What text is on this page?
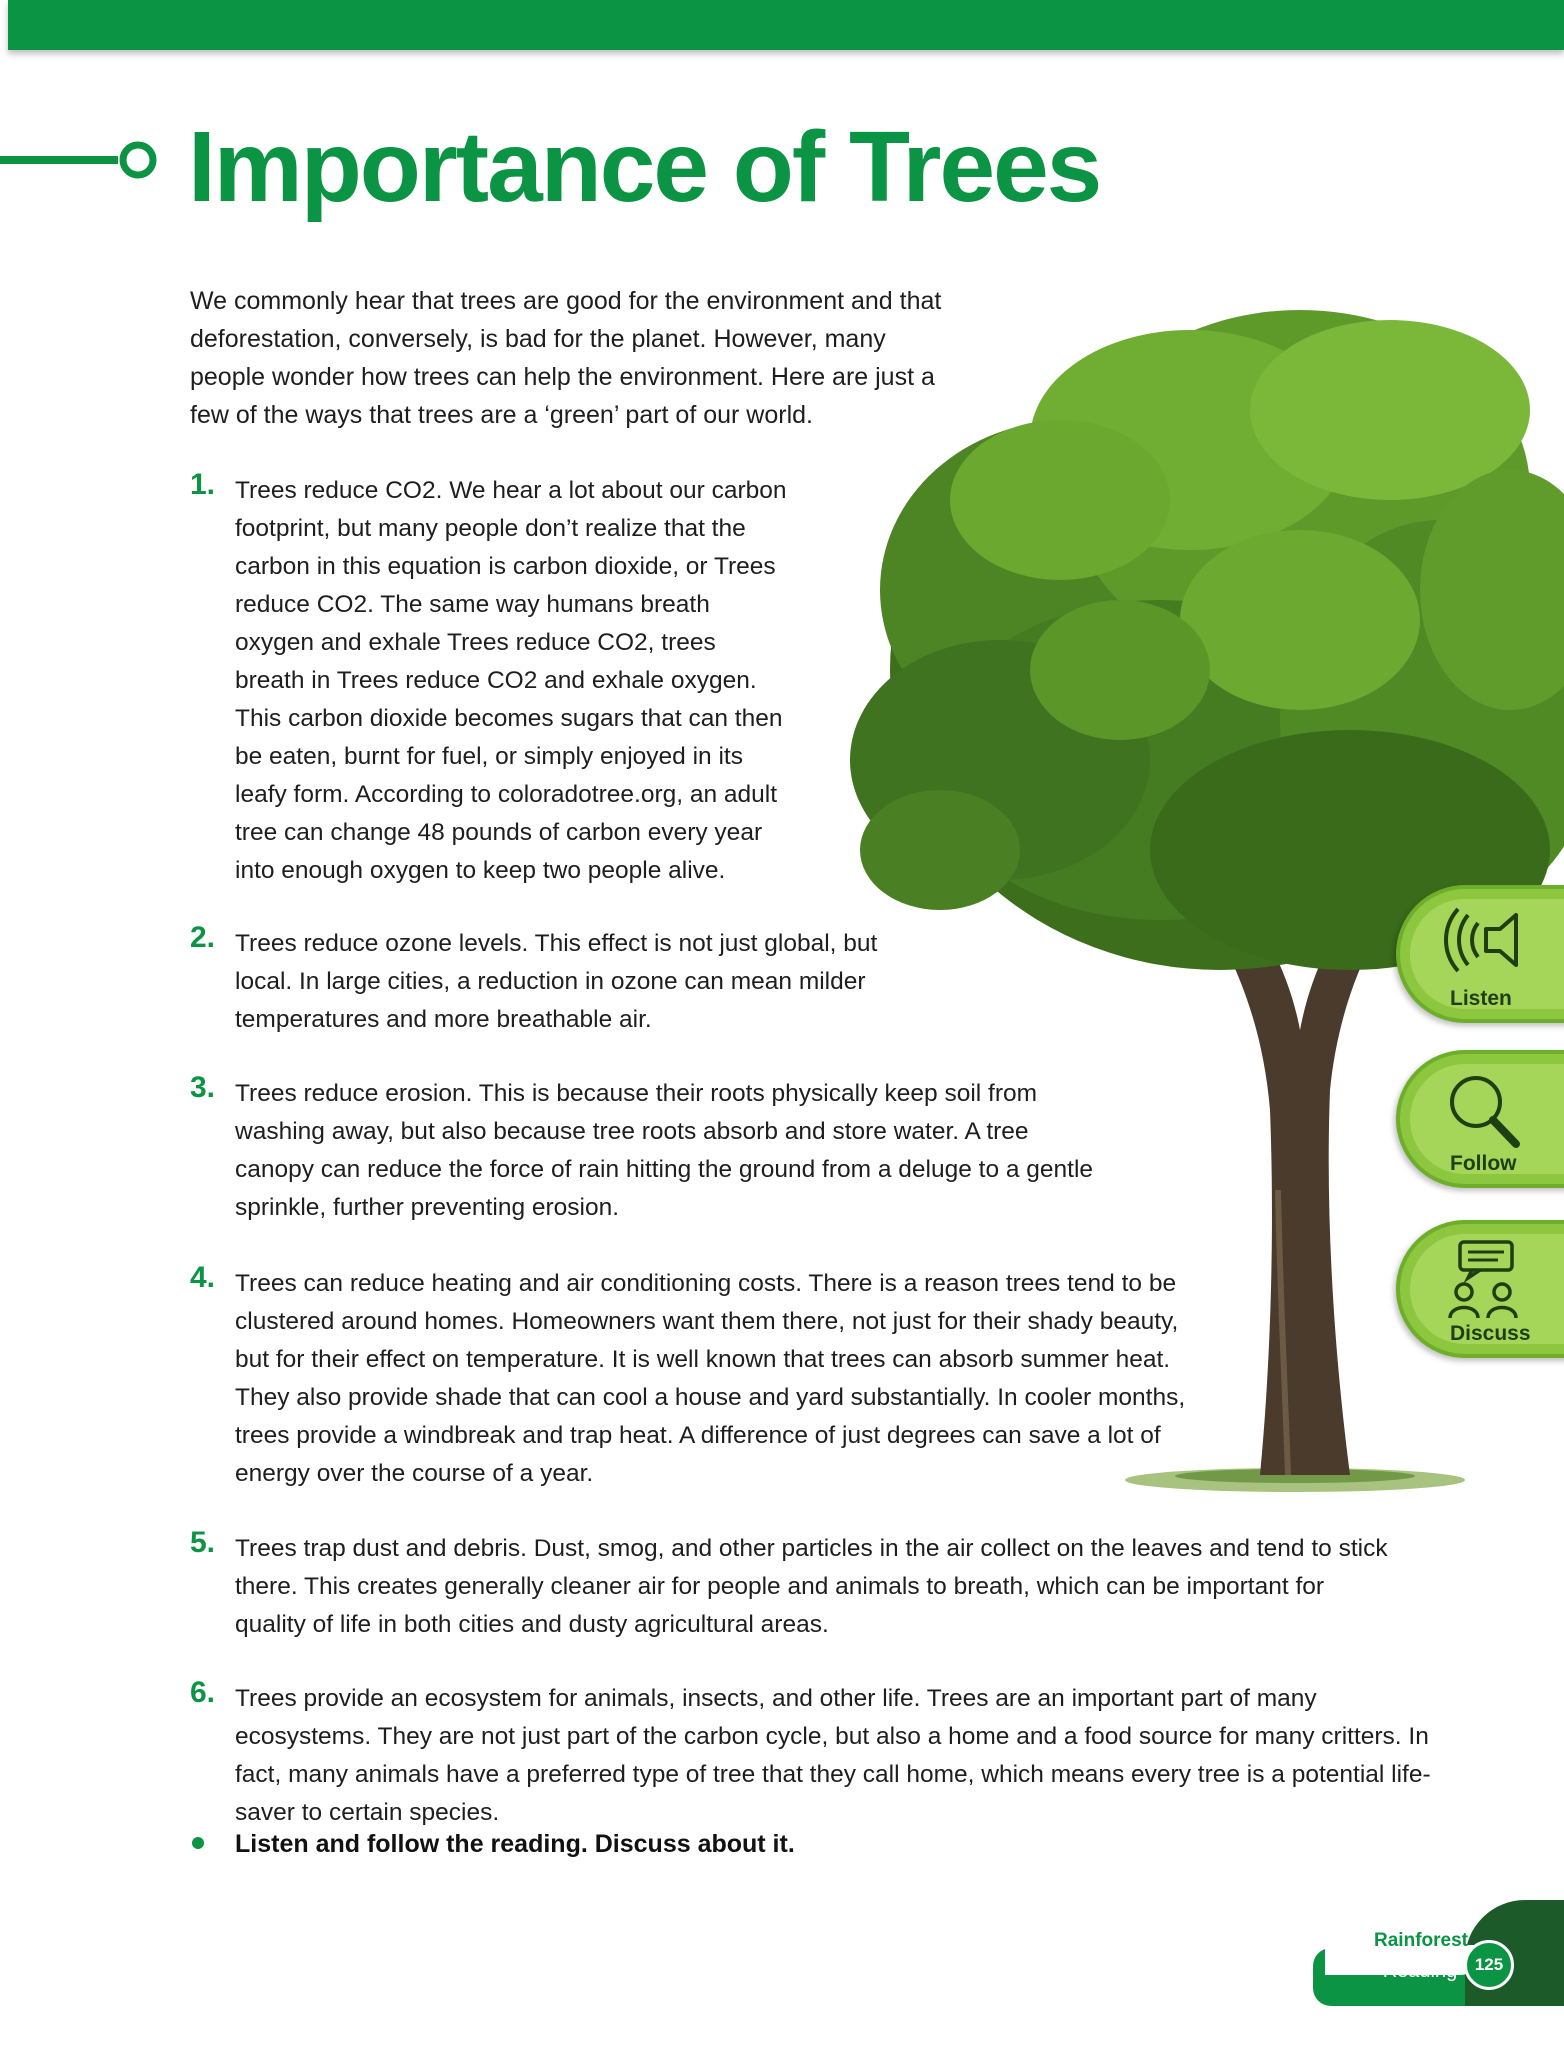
Importance of Trees

We commonly hear that trees are good for the environment and that deforestation, conversely, is bad for the planet. However, many people wonder how trees can help the environment. Here are just a few of the ways that trees are a ‘green’ part of our world.

1. Trees reduce CO2. We hear a lot about our carbon footprint, but many people don’t realize that the carbon in this equation is carbon dioxide, or Trees reduce CO2. The same way humans breath oxygen and exhale Trees reduce CO2, trees breath in Trees reduce CO2 and exhale oxygen. This carbon dioxide becomes sugars that can then be eaten, burnt for fuel, or simply enjoyed in its leafy form. According to coloradotree.org, an adult tree can change 48 pounds of carbon every year into enough oxygen to keep two people alive.

2. Trees reduce ozone levels. This effect is not just global, but local. In large cities, a reduction in ozone can mean milder temperatures and more breathable air.

3. Trees reduce erosion. This is because their roots physically keep soil from washing away, but also because tree roots absorb and store water. A tree canopy can reduce the force of rain hitting the ground from a deluge to a gentle sprinkle, further preventing erosion.

4. Trees can reduce heating and air conditioning costs. There is a reason trees tend to be clustered around homes. Homeowners want them there, not just for their shady beauty, but for their effect on temperature. It is well known that trees can absorb summer heat. They also provide shade that can cool a house and yard substantially. In cooler months, trees provide a windbreak and trap heat. A difference of just degrees can save a lot of energy over the course of a year.

5. Trees trap dust and debris. Dust, smog, and other particles in the air collect on the leaves and tend to stick there. This creates generally cleaner air for people and animals to breath, which can be important for quality of life in both cities and dusty agricultural areas.

6. Trees provide an ecosystem for animals, insects, and other life. Trees are an important part of many ecosystems. They are not just part of the carbon cycle, but also a home and a food source for many critters. In fact, many animals have a preferred type of tree that they call home, which means every tree is a potential life-saver to certain species.

Listen and follow the reading. Discuss about it.

Listen
Follow
Discuss
Rainforest
Reading	125
